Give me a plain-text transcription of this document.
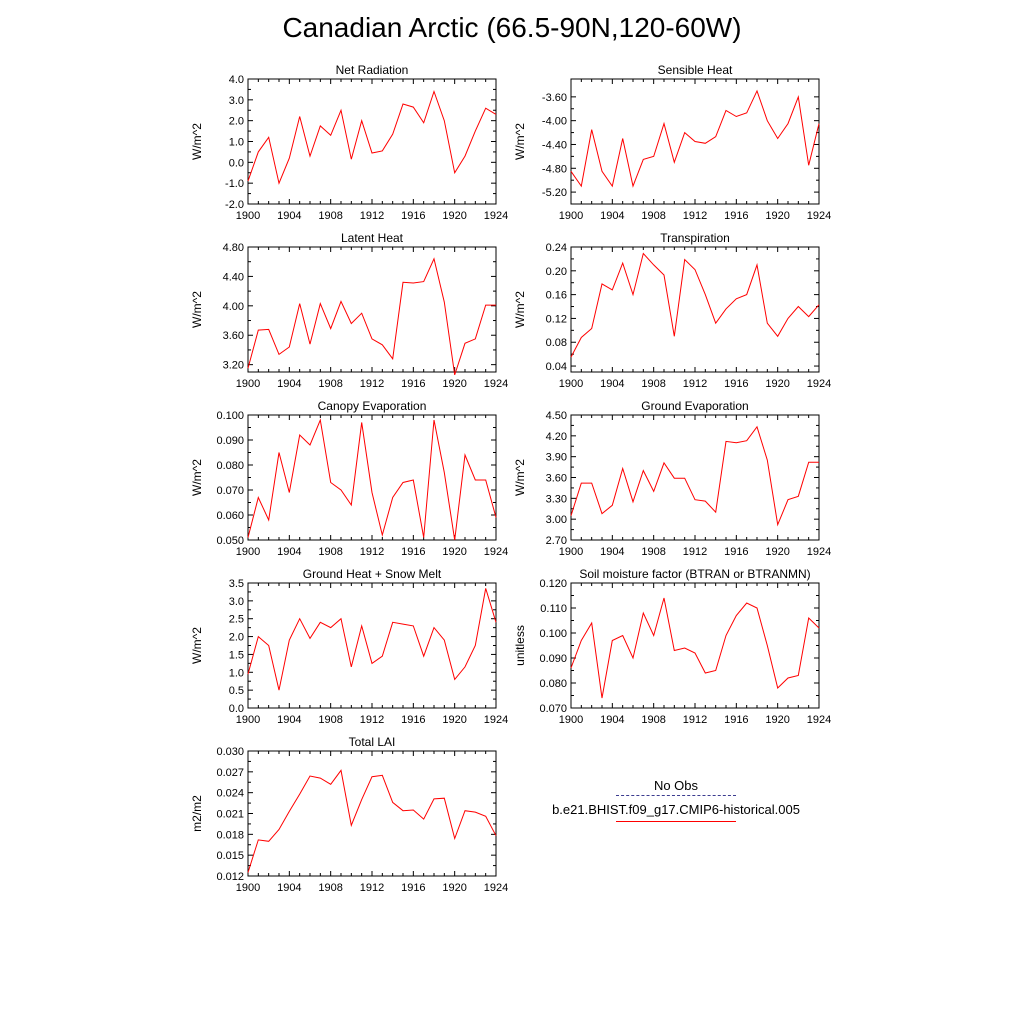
Canadian Arctic (66.5-90N,120-60W)
Net Radiation
W/m^2
1900 1904 1908 1912 1916 1920 1924
-2.0
-1.0
0.0
1.0
2.0
3.0
4.0
Sensible Heat
W/m^2
1900 1904 1908 1912 1916 1920 1924
-5.20
-4.80
-4.40
-4.00
-3.60
Latent Heat
W/m^2
1900 1904 1908 1912 1916 1920 1924
3.20
3.60
4.00
4.40
4.80
Transpiration
W/m^2
1900 1904 1908 1912 1916 1920 1924
0.04
0.08
0.12
0.16
0.20
0.24
Canopy Evaporation
W/m^2
1900 1904 1908 1912 1916 1920 1924
0.050
0.060
0.070
0.080
0.090
0.100
Ground Evaporation
W/m^2
1900 1904 1908 1912 1916 1920 1924
2.70
3.00
3.30
3.60
3.90
4.20
4.50
Ground Heat + Snow Melt
W/m^2
1900 1904 1908 1912 1916 1920 1924
0.0
0.5
1.0
1.5
2.0
2.5
3.0
3.5
Soil moisture factor (BTRAN or BTRANMN)
unitless
1900 1904 1908 1912 1916 1920 1924
0.070
0.080
0.090
0.100
0.110
0.120
Total LAI
m2/m2
1900 1904 1908 1912 1916 1920 1924
0.012
0.015
0.018
0.021
0.024
0.027
0.030
No Obs
b.e21.BHIST.f09_g17.CMIP6-historical.005
